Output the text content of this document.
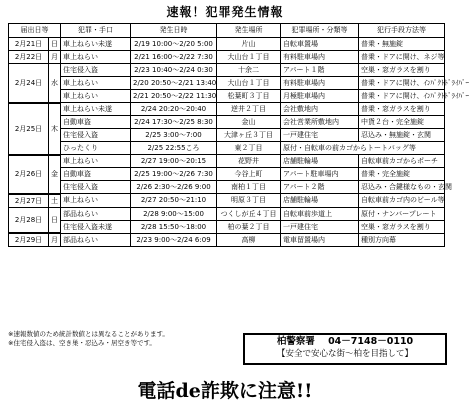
速報！犯罪発生情報
届出日等		犯罪・手口	発生日時	発生場所	犯罪場所・分類等	犯行手段方法等
2月21日	日	車上ねらい未遂	2/19 10:00～2/20 5:00	片山	自転車置場	普乗・無施錠
2月22日	月	車上ねらい	2/21 16:00～2/22 7:30	大山台１丁目	有料駐車場内	普乗・ドアに開け、ネジ等
2月24日	水	住宅侵入盗	2/23 10:40～2/24 0:30	十余二	アパート１階	空巣・窓ガラスを割り
		車上ねらい	2/20 20:50～2/21 13:40	大山台１丁目	有料駐車場内	普乗・ドアに開け、ｲﾝﾊﾟｸﾄﾄﾞﾗｲﾊﾞｰ
		車上ねらい	2/21 20:50～2/22 11:30	松葉町３丁目	月極駐車場内	普乗・ドアに開け、ｲﾝﾊﾟｸﾄﾄﾞﾗｲﾊﾞｰ
2月25日	木	車上ねらい未遂	2/24 20:20～20:40	逆井２丁目	会社敷地内	普乗・窓ガラスを割り
		自動車盗	2/24 17:30～2/25 8:30	金山	会社営業所敷地内	中貨２台・完全施錠
		住宅侵入盗	2/25 3:00～7:00	大津ヶ丘３丁目	一戸建住宅	忍込み・無施錠・玄関
		ひったくり	2/25 22:55ころ	東２丁目	原付・自転車の前カゴからトートバッグ等	
2月26日	金	車上ねらい	2/27 19:00～20:15	花野井	店舗駐輪場	自転車前カゴからポーチ
		自動車盗	2/25 19:00～2/26 7:30	今谷上町	アパート駐車場内	普乗・完全施錠
		住宅侵入盗	2/26 2:30～2/26 9:00	南柏１丁目	アパート２階	忍込み・合鍵様なもの・玄関
2月27日	土	車上ねらい	2/27 20:50～21:10	明原３丁目	店舗駐輪場	自転車前カゴ内のビール等
2月28日	日	部品ねらい	2/28 9:00～15:00	つくしが丘４丁目	自転車前歩道上	原付・ナンバープレート
		住宅侵入盗未遂	2/28 15:50～18:00	柏の葉２丁目	一戸建住宅	空巣・窓ガラスを割り
2月29日	月	部品ねらい	2/23 9:00～2/24 6:09	高柳	電車留置場内	種別方向幕
※速報数値のため統計数値とは異なることがあります。
※住宅侵入盗は、空き巣・忍込み・居空き等です。	柏警察署 04－7148－0110
【安全で安心な街～柏を目指して】
電話de詐欺に注意!!
